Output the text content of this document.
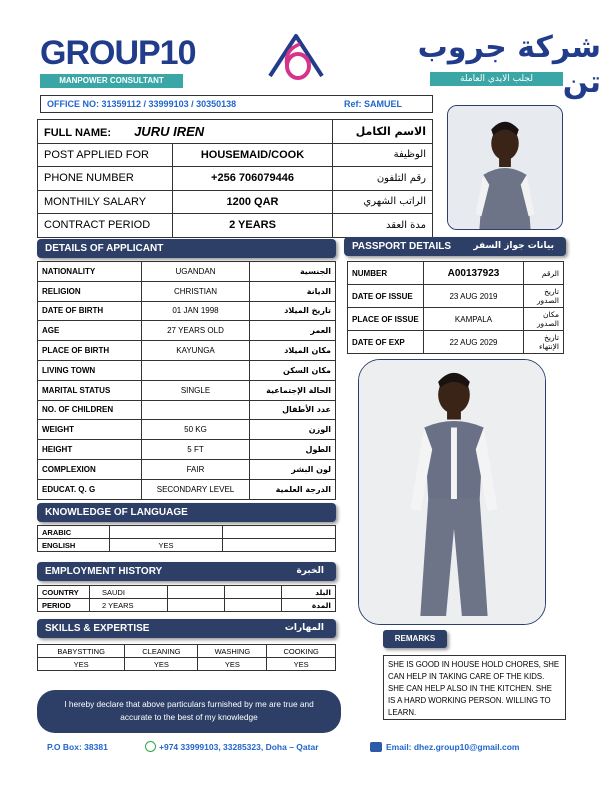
GROUP10
MANPOWER CONSULTANT
شركة جروب تن
لجلب الايدي العاملة
OFFICE NO: 31359112 / 33999103 / 30350138	Ref: SAMUEL
FULL NAME: JURU IREN		الاسم الكامل
POST APPLIED FOR	HOUSEMAID/COOK	الوظيفة
PHONE NUMBER	+256 706079446	رقم التلفون
MONTHILY SALARY	1200 QAR	الراتب الشهري
CONTRACT PERIOD	2 YEARS	مدة العقد
DETAILS OF APPLICANT
NATIONALITY	UGANDAN	الجنسية
RELIGION	CHRISTIAN	الديانة
DATE OF BIRTH	01 JAN 1998	تاريخ الميلاد
AGE	27 YEARS OLD	العمر
PLACE OF BIRTH	KAYUNGA	مكان الميلاد
LIVING TOWN		مكان السكن
MARITAL STATUS	SINGLE	الحالة الإجتماعية
NO. OF CHILDREN		عدد الأطفال
WEIGHT	50 KG	الوزن
HEIGHT	5 FT	الطول
COMPLEXION	FAIR	لون البشر
EDUCAT. Q. G	SECONDARY LEVEL	الدرجة العلمية
PASSPORT DETAILS بيانات جواز السفر
NUMBER	A00137923	الرقم
DATE OF ISSUE	23 AUG 2019	تاريخ الصدور
PLACE OF ISSUE	KAMPALA	مكان الصدور
DATE OF EXP	22 AUG 2029	تاريخ الإنتهاء
KNOWLEDGE OF LANGUAGE
ARABIC		
ENGLISH	YES	
EMPLOYMENT HISTORY	الخبرة
COUNTRY	SAUDI			البلد
PERIOD	2 YEARS			المدة
SKILLS & EXPERTISE	المهارات
BABYSTTING	CLEANING	WASHING	COOKING
YES	YES	YES	YES
REMARKS
SHE IS GOOD IN HOUSE HOLD CHORES, SHE CAN HELP IN TAKING CARE OF THE KIDS. SHE CAN HELP ALSO IN THE KITCHEN. SHE IS A HARD WORKING PERSON. WILLING TO LEARN.
I hereby declare that above particulars furnished by me are true and accurate to the best of my knowledge
P.O Box: 38381	+974 33999103, 33285323, Doha – Qatar	Email: dhez.group10@gmail.com
